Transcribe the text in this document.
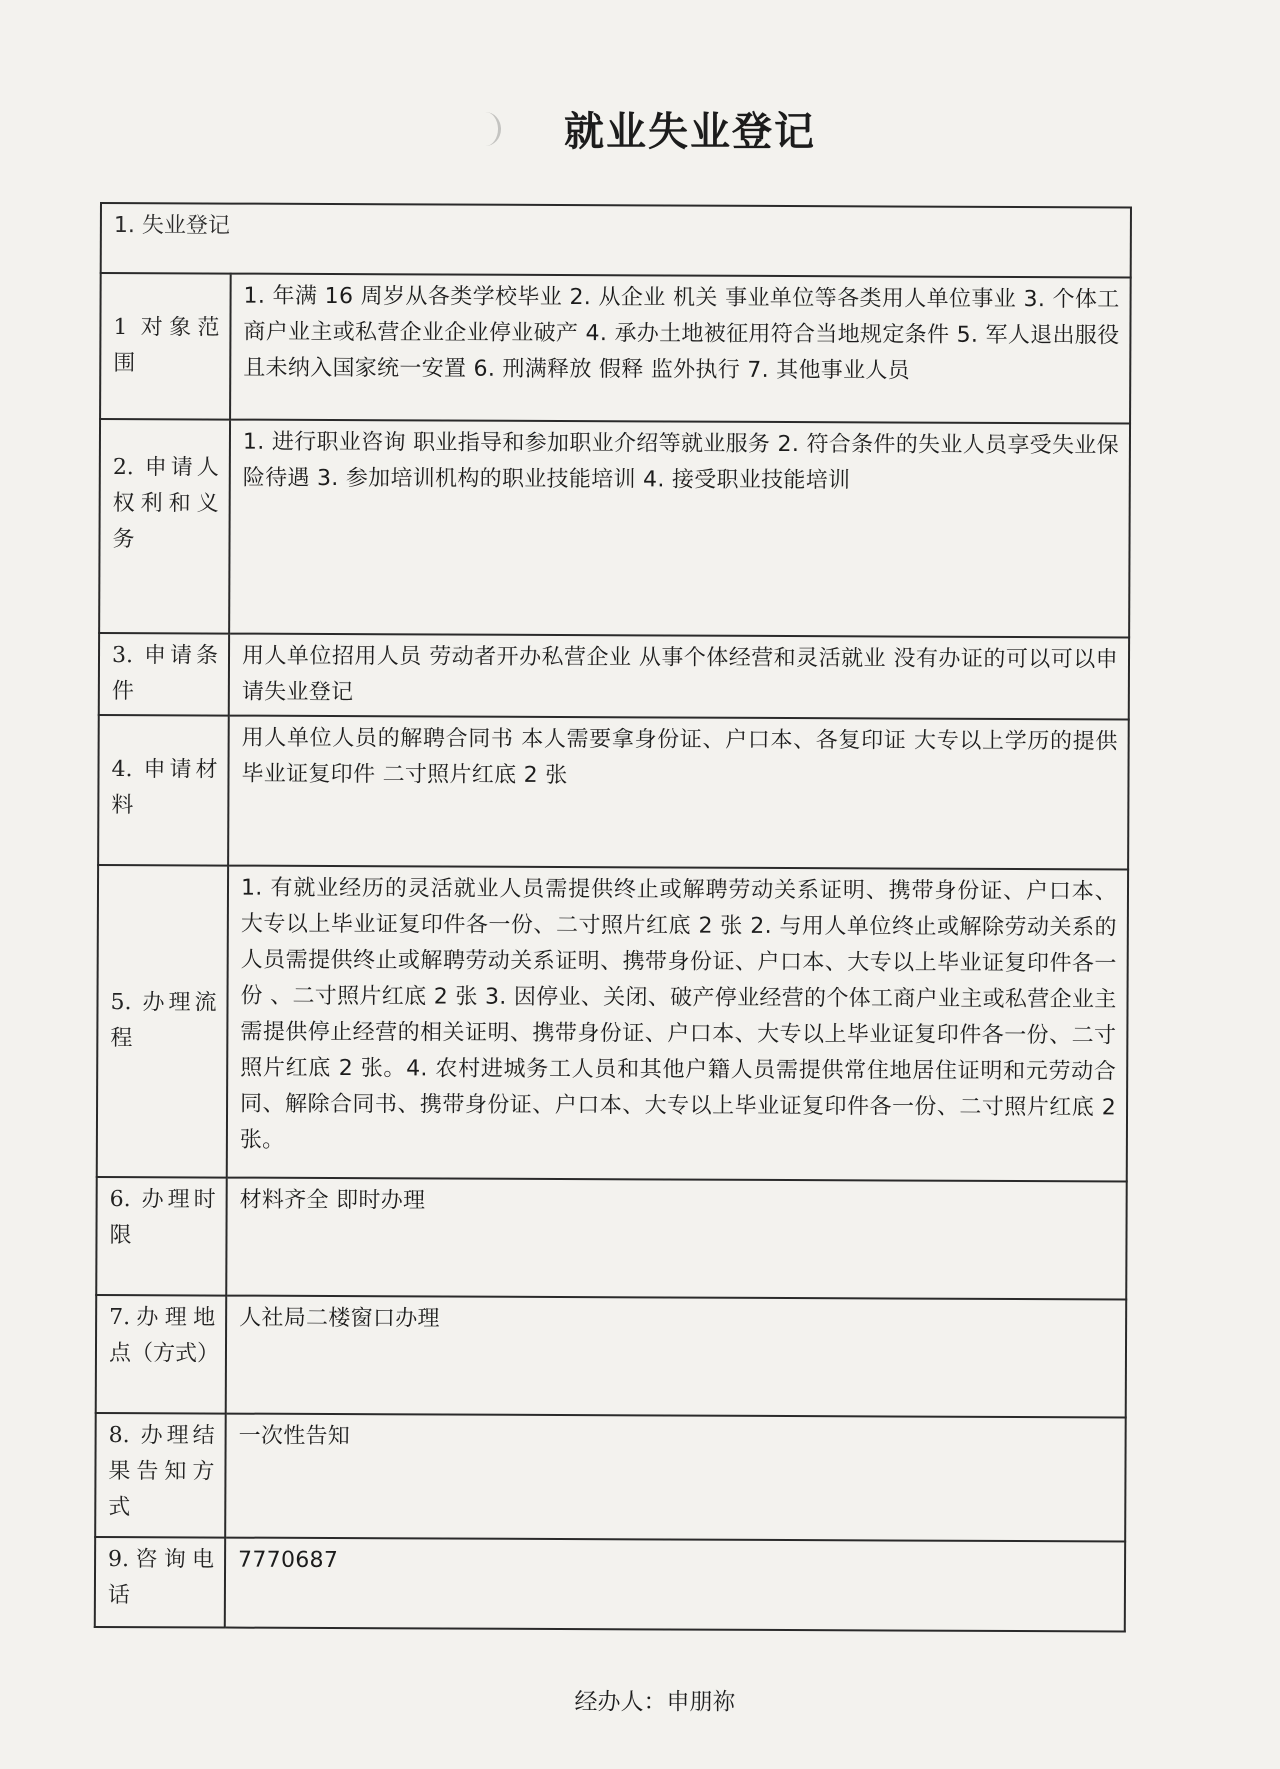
就业失业登记
1. 失业登记	
1 对象范围	1. 年满 16 周岁从各类学校毕业 2. 从企业 机关 事业单位等各类用人单位事业 3. 个体工商户业主或私营企业企业停业破产 4. 承办土地被征用符合当地规定条件 5. 军人退出服役且未纳入国家统一安置 6. 刑满释放 假释 监外执行 7. 其他事业人员
2. 申请人权利和义务	1. 进行职业咨询 职业指导和参加职业介绍等就业服务 2. 符合条件的失业人员享受失业保险待遇 3. 参加培训机构的职业技能培训 4. 接受职业技能培训
3. 申请条件	用人单位招用人员 劳动者开办私营企业 从事个体经营和灵活就业 没有办证的可以可以申请失业登记
4. 申请材料	用人单位人员的解聘合同书 本人需要拿身份证、户口本、各复印证 大专以上学历的提供毕业证复印件 二寸照片红底 2 张
5. 办理流程	1. 有就业经历的灵活就业人员需提供终止或解聘劳动关系证明、携带身份证、户口本、大专以上毕业证复印件各一份、二寸照片红底 2 张 2. 与用人单位终止或解除劳动关系的人员需提供终止或解聘劳动关系证明、携带身份证、户口本、大专以上毕业证复印件各一份 、二寸照片红底 2 张 3. 因停业、关闭、破产停业经营的个体工商户业主或私营企业主需提供停止经营的相关证明、携带身份证、户口本、大专以上毕业证复印件各一份、二寸照片红底 2 张。4. 农村进城务工人员和其他户籍人员需提供常住地居住证明和元劳动合同、解除合同书、携带身份证、户口本、大专以上毕业证复印件各一份、二寸照片红底 2 张。
6. 办理时限	材料齐全 即时办理
7.办理地点（方式）	人社局二楼窗口办理
8. 办理结果告知方式	一次性告知
9.咨询电话	7770687
经办人：申朋祢
